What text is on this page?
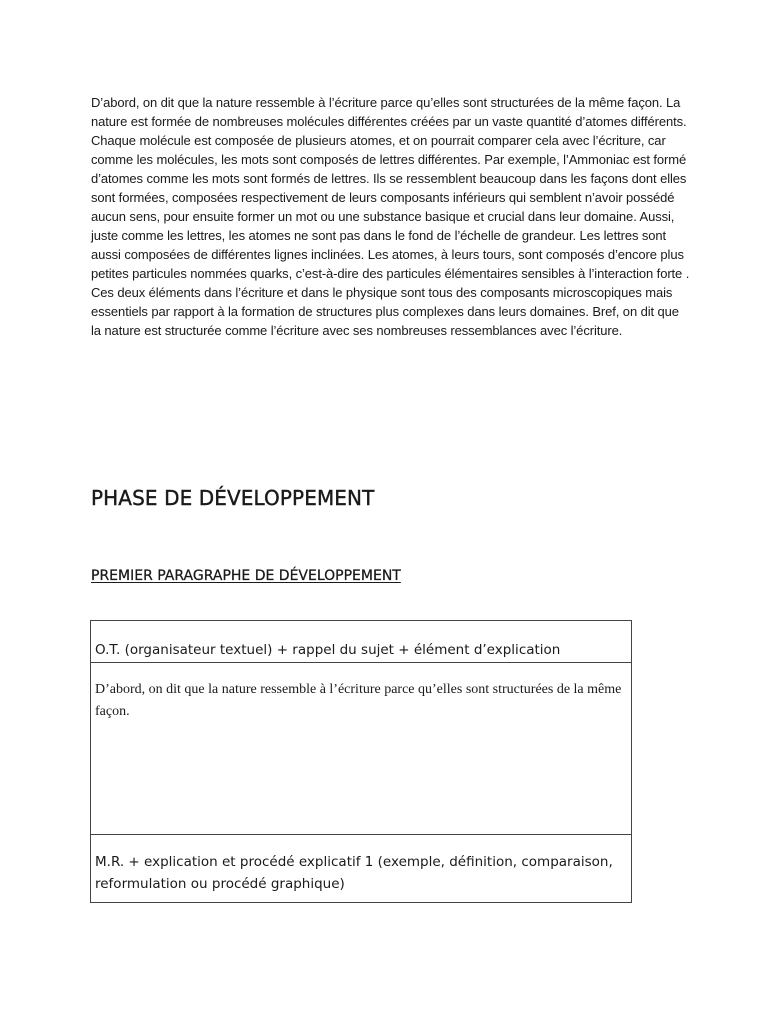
D’abord, on dit que la nature ressemble à l’écriture parce qu’elles sont structurées de la même façon. La nature est formée de nombreuses molécules différentes créées par un vaste quantité d’atomes différents. Chaque molécule est composée de plusieurs atomes, et on pourrait comparer cela avec l’écriture, car comme les molécules, les mots sont composés de lettres différentes. Par exemple, l’Ammoniac est formé d’atomes comme les mots sont formés de lettres. Ils se ressemblent beaucoup dans les façons dont elles sont formées, composées respectivement de leurs composants inférieurs qui semblent n’avoir possédé aucun sens, pour ensuite former un mot ou une substance basique et crucial dans leur domaine. Aussi, juste comme les lettres, les atomes ne sont pas dans le fond de l’échelle de grandeur. Les lettres sont aussi composées de différentes lignes inclinées. Les atomes, à leurs tours, sont composés d’encore plus petites particules nommées quarks, c’est-à-dire des particules élémentaires sensibles à l’interaction forte . Ces deux éléments dans l’écriture et dans le physique sont tous des composants microscopiques mais essentiels par rapport à la formation de structures plus complexes dans leurs domaines. Bref, on dit que la nature est structurée comme l’écriture avec ses nombreuses ressemblances avec l’écriture.

PHASE DE DÉVELOPPEMENT
PREMIER PARAGRAPHE DE DÉVELOPPEMENT
O.T. (organisateur textuel) + rappel du sujet + élément d’explication
D’abord, on dit que la nature ressemble à l’écriture parce qu’elles sont structurées de la même façon.
M.R. + explication et procédé explicatif 1 (exemple, définition, comparaison, reformulation ou procédé graphique)
